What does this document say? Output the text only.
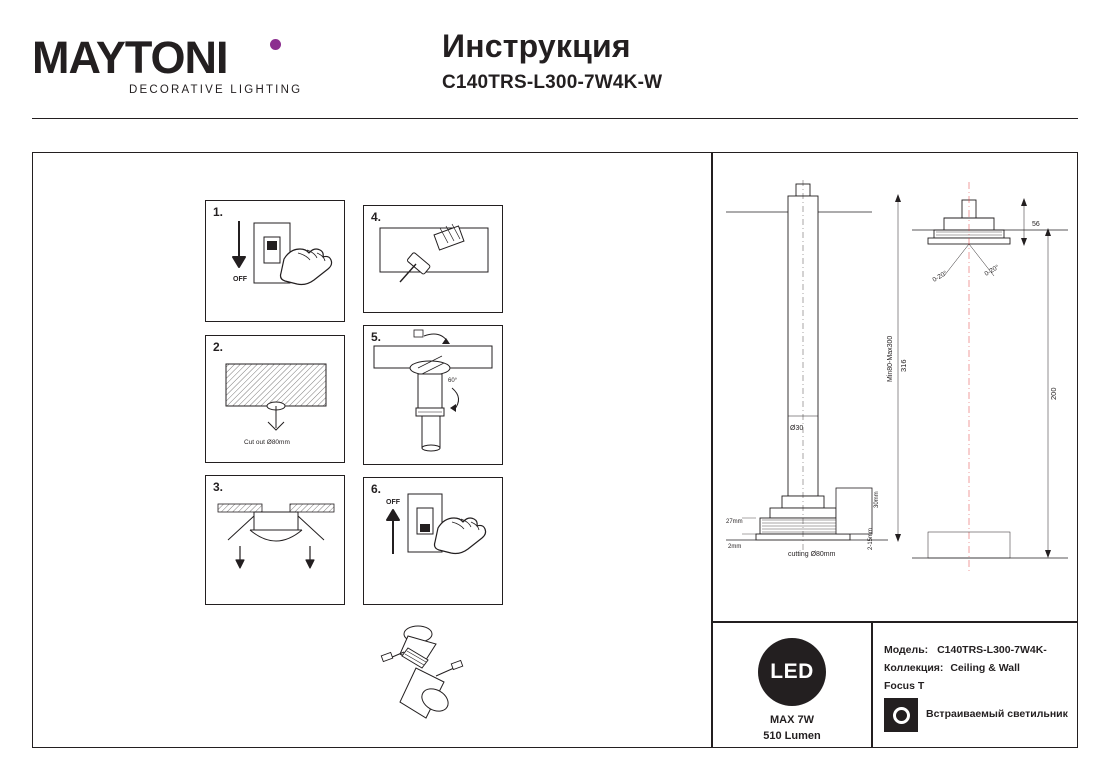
MAYTONI
DECORATIVE LIGHTING
Инструкция
C140TRS-L300-7W4K-W
1.
OFF
2.
Cut out Ø80mm
3.
4.
5.
60°
6.
OFF
Ø30
316
Min80-Max300
27mm
2mm
cutting Ø80mm
30mm
2-15mm
56
0-20°	0-20°
200
LED
MAX 7W
510 Lumen
Модель: C140TRS-L300-7W4K-
Коллекция: Ceiling & Wall
Focus T
Встраиваемый светильник
